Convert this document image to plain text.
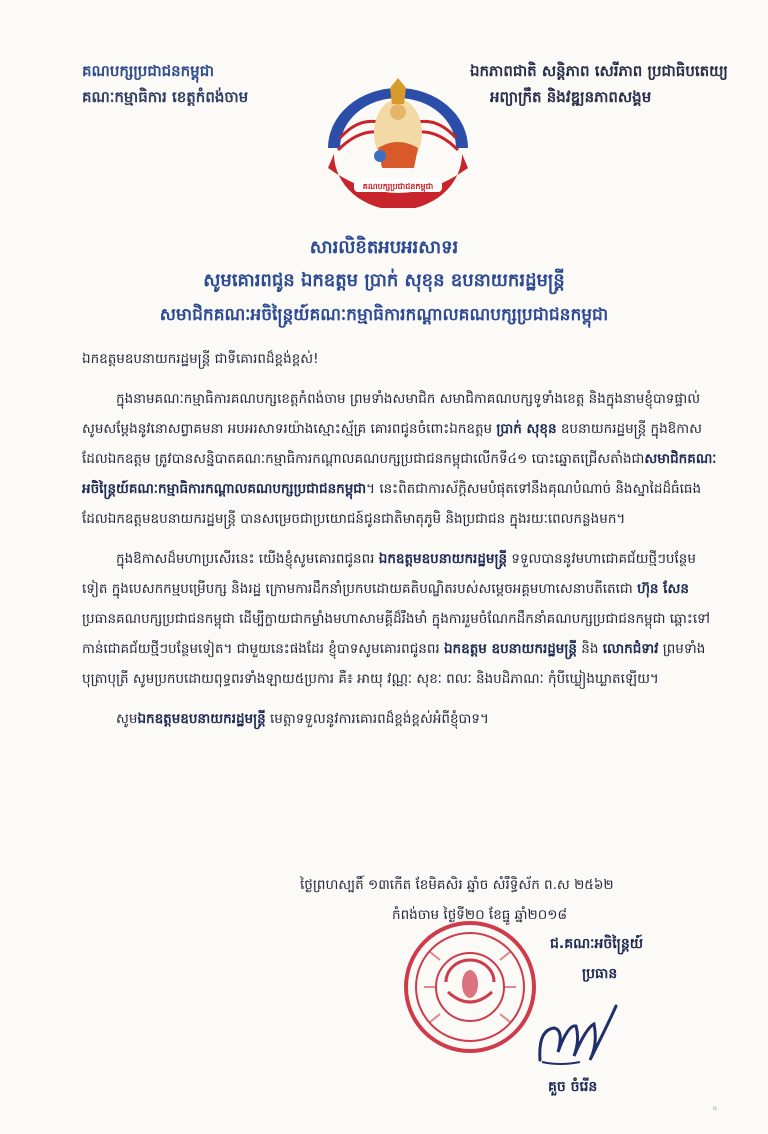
គណបក្សប្រជាជនកម្ពុជា
គណៈកម្មាធិការ ខេត្តកំពង់ចាម
ឯកភាពជាតិ សន្តិភាព សេរីភាព ប្រជាធិបតេយ្យ
អព្យាក្រឹត និងវឌ្ឍនភាពសង្គម
គណបក្សប្រជាជនកម្ពុជា
សារលិខិតអបអរសាទរ
សូមគោរពជូន ឯកឧត្តម ប្រាក់ សុខុន ឧបនាយករដ្ឋមន្ត្រី
សមាជិកគណៈអចិន្ត្រៃយ៍គណៈកម្មាធិការកណ្តាលគណបក្សប្រជាជនកម្ពុជា

ឯកឧត្តមឧបនាយករដ្ឋមន្ត្រី ជាទីគោរពដ៏ខ្ពង់ខ្ពស់!

ក្នុងនាមគណៈកម្មាធិការគណបក្សខេត្តកំពង់ចាម ព្រមទាំងសមាជិក សមាជិកាគណបក្សទូទាំងខេត្ត និងក្នុងនាមខ្ញុំបាទផ្ទាល់ សូមសម្តែងនូវនោសព្វាគមនា អបអរសាទរយ៉ាងស្មោះស្ម័គ្រ គោរពជូនចំពោះឯកឧត្តម ប្រាក់ សុខុន ឧបនាយករដ្ឋមន្ត្រី ក្នុងឱកាសដែលឯកឧត្តម ត្រូវបានសន្និបាតគណៈកម្មាធិការកណ្តាលគណបក្សប្រជាជនកម្ពុជាលើកទី៤១ បោះឆ្នោតជ្រើសតាំងជាសមាជិកគណៈអចិន្ត្រៃយ៍គណៈកម្មាធិការកណ្តាលគណបក្សប្រជាជនកម្ពុជា។ នេះពិតជាការស័ក្តិសមបំផុតទៅនឹងគុណបំណាច់ និងស្នាដៃដ៏ធំធេងដែលឯកឧត្តមឧបនាយករដ្ឋមន្ត្រី បានសម្រេចជាប្រយោជន៍ជូនជាតិមាតុភូមិ និងប្រជាជន ក្នុងរយៈពេលកន្លងមក។

ក្នុងឱកាសដ៏មហាប្រសើរនេះ យើងខ្ញុំសូមគោរពជូនពរ ឯកឧត្តមឧបនាយករដ្ឋមន្ត្រី ទទួលបាននូវមហាជោគជ័យថ្មីៗបន្ថែមទៀត ក្នុងបេសកកម្មបម្រើបក្ស និងរដ្ឋ ក្រោមការដឹកនាំប្រកបដោយគតិបណ្ឌិតរបស់សម្តេចអគ្គមហាសេនាបតីតេជោ ហ៊ុន សែន ប្រធានគណបក្សប្រជាជនកម្ពុជា ដើម្បីក្លាយជាកម្លាំងមហាសាមគ្គីដ៏រឹងមាំ ក្នុងការរួមចំណែកដឹកនាំគណបក្សប្រជាជនកម្ពុជា ឆ្ពោះទៅកាន់ជោគជ័យថ្មីៗបន្ថែមទៀត។ ជាមួយនេះផងដែរ ខ្ញុំបាទសូមគោរពជូនពរ ឯកឧត្តម ឧបនាយករដ្ឋមន្ត្រី និង លោកជំទាវ ព្រមទាំងបុត្រាបុត្រី សូមប្រកបដោយពុទ្ធពរទាំងឡាយ៥ប្រការ គឺ៖ អាយុ វណ្ណៈ សុខៈ ពលៈ និងបដិភាណៈ កុំបីឃ្លៀងឃ្លាតឡើយ។

សូមឯកឧត្តមឧបនាយករដ្ឋមន្ត្រី មេត្តាទទួលនូវការគោរពដ៏ខ្ពង់ខ្ពស់អំពីខ្ញុំបាទ។

ថ្ងៃព្រហស្បតិ៍ ១៣កើត ខែមិគសិរ ឆ្នាំច សំរឹទ្ធិស័ក ព.ស ២៥៦២
កំពង់ចាម ថ្ងៃទី២០ ខែធ្នូ ឆ្នាំ២០១៨
ជ.គណៈអចិន្ត្រៃយ៍
ប្រធាន
គួច ចំរើន
◦
